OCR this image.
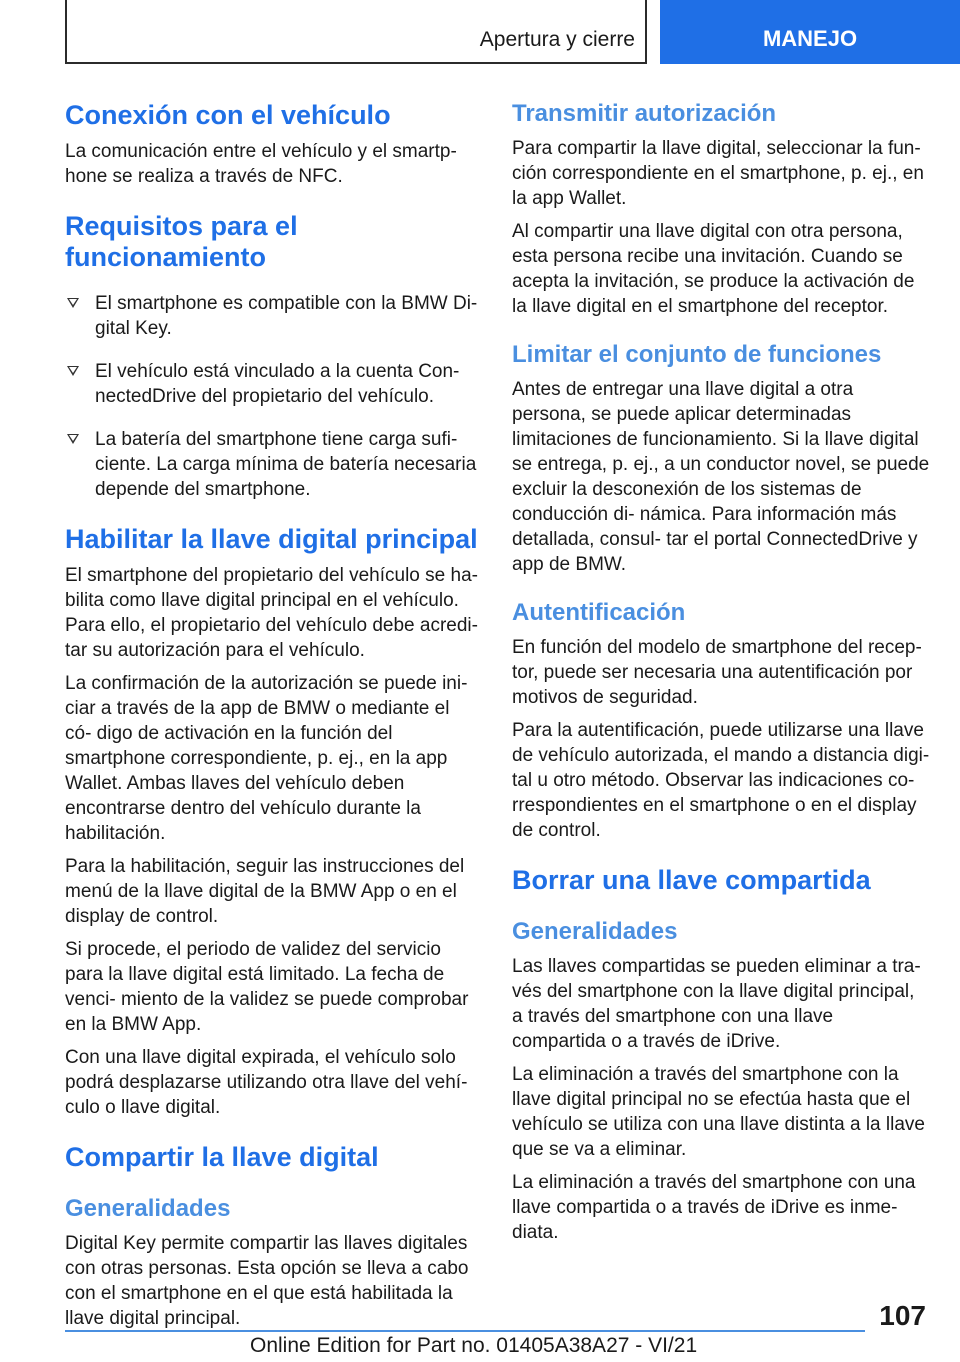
Apertura y cierre	MANEJO
Conexión con el vehículo

La comunicación entre el vehículo y el smartp‐ hone se realiza a través de NFC.

Requisitos para el funcionamiento
El smartphone es compatible con la BMW Di‐ gital Key.
El vehículo está vinculado a la cuenta Con‐ nectedDrive del propietario del vehículo.
La batería del smartphone tiene carga sufi‐ ciente. La carga mínima de batería necesaria depende del smartphone.
Habilitar la llave digital principal

El smartphone del propietario del vehículo se ha‐ bilita como llave digital principal en el vehículo. Para ello, el propietario del vehículo debe acredi‐ tar su autorización para el vehículo.

La confirmación de la autorización se puede ini‐ ciar a través de la app de BMW o mediante el có‐ digo de activación en la función del smartphone correspondiente, p. ej., en la app Wallet. Ambas llaves del vehículo deben encontrarse dentro del vehículo durante la habilitación.

Para la habilitación, seguir las instrucciones del menú de la llave digital de la BMW App o en el display de control.

Si procede, el periodo de validez del servicio para la llave digital está limitado. La fecha de venci‐ miento de la validez se puede comprobar en la BMW App.

Con una llave digital expirada, el vehículo solo podrá desplazarse utilizando otra llave del vehí‐ culo o llave digital.

Compartir la llave digital
Generalidades

Digital Key permite compartir las llaves digitales con otras personas. Esta opción se lleva a cabo con el smartphone en el que está habilitada la llave digital principal.

Transmitir autorización

Para compartir la llave digital, seleccionar la fun‐ ción correspondiente en el smartphone, p. ej., en la app Wallet.

Al compartir una llave digital con otra persona, esta persona recibe una invitación. Cuando se acepta la invitación, se produce la activación de la llave digital en el smartphone del receptor.

Limitar el conjunto de funciones

Antes de entregar una llave digital a otra persona, se puede aplicar determinadas limitaciones de funcionamiento. Si la llave digital se entrega, p. ej., a un conductor novel, se puede excluir la desconexión de los sistemas de conducción di‐ námica. Para información más detallada, consul‐ tar el portal ConnectedDrive y app de BMW.

Autentificación

En función del modelo de smartphone del recep‐ tor, puede ser necesaria una autentificación por motivos de seguridad.

Para la autentificación, puede utilizarse una llave de vehículo autorizada, el mando a distancia digi‐ tal u otro método. Observar las indicaciones co‐ rrespondientes en el smartphone o en el display de control.

Borrar una llave compartida
Generalidades

Las llaves compartidas se pueden eliminar a tra‐ vés del smartphone con la llave digital principal, a través del smartphone con una llave compartida o a través de iDrive.

La eliminación a través del smartphone con la llave digital principal no se efectúa hasta que el vehículo se utiliza con una llave distinta a la llave que se va a eliminar.

La eliminación a través del smartphone con una llave compartida o a través de iDrive es inme‐ diata.

107
Online Edition for Part no. 01405A38A27 - VI/21
